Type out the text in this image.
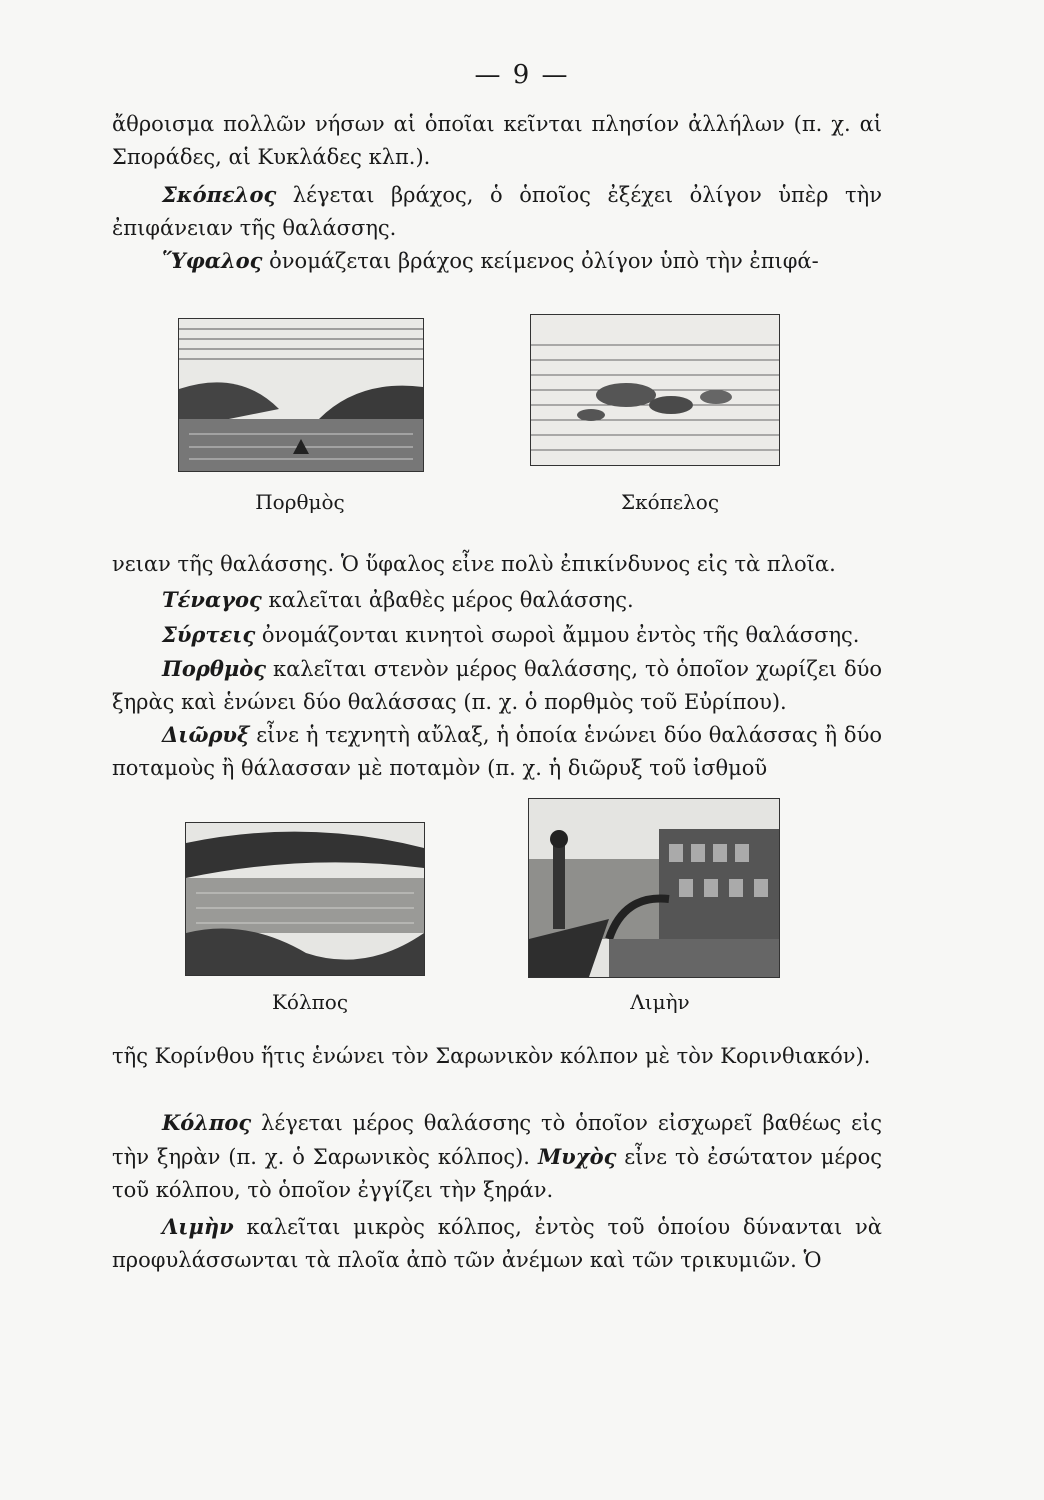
— 9 —

ἄθροισμα πολλῶν νήσων αἱ ὁποῖαι κεῖνται πλησίον ἀλλήλων (π. χ. αἱ Σποράδες, αἱ Κυκλάδες κλπ.).

Σκόπελος λέγεται βράχος, ὁ ὁποῖος ἐξέχει ὀλίγον ὑπὲρ τὴν ἐπιφάνειαν τῆς θαλάσσης.

Ὕφαλος ὀνομάζεται βράχος κείμενος ὀλίγον ὑπὸ τὴν ἐπιφά-

Πορθμὸς	Σκόπελος

νειαν τῆς θαλάσσης. Ὁ ὕφαλος εἶνε πολὺ ἐπικίνδυνος εἰς τὰ πλοῖα.

Τέναγος καλεῖται ἀβαθὲς μέρος θαλάσσης.

Σύρτεις ὀνομάζονται κινητοὶ σωροὶ ἄμμου ἐντὸς τῆς θαλάσσης.

Πορθμὸς καλεῖται στενὸν μέρος θαλάσσης, τὸ ὁποῖον χωρίζει δύο ξηρὰς καὶ ἑνώνει δύο θαλάσσας (π. χ. ὁ πορθμὸς τοῦ Εὐρίπου).

Διῶρυξ εἶνε ἡ τεχνητὴ αὔλαξ, ἡ ὁποία ἑνώνει δύο θαλάσσας ἢ δύο ποταμοὺς ἢ θάλασσαν μὲ ποταμὸν (π. χ. ἡ διῶρυξ τοῦ ἰσθμοῦ

Κόλπος	Λιμὴν

τῆς Κορίνθου ἥτις ἑνώνει τὸν Σαρωνικὸν κόλπον μὲ τὸν Κορινθιακόν).

Κόλπος λέγεται μέρος θαλάσσης τὸ ὁποῖον εἰσχωρεῖ βαθέως εἰς τὴν ξηρὰν (π. χ. ὁ Σαρωνικὸς κόλπος). Μυχὸς εἶνε τὸ ἐσώτατον μέρος τοῦ κόλπου, τὸ ὁποῖον ἐγγίζει τὴν ξηράν.

Λιμὴν καλεῖται μικρὸς κόλπος, ἐντὸς τοῦ ὁποίου δύνανται νὰ προφυλάσσωνται τὰ πλοῖα ἀπὸ τῶν ἀνέμων καὶ τῶν τρικυμιῶν. Ὁ
